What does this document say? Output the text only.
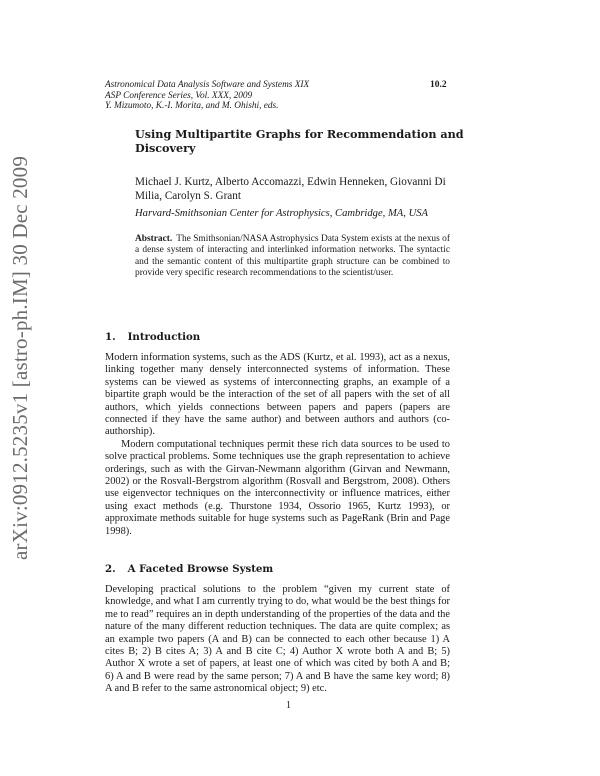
arXiv:0912.5235v1 [astro-ph.IM] 30 Dec 2009
Astronomical Data Analysis Software and Systems XIX
ASP Conference Series, Vol. XXX, 2009
Y. Mizumoto, K.-I. Morita, and M. Ohishi, eds.
10.2
Using Multipartite Graphs for Recommendation and Discovery
Michael J. Kurtz, Alberto Accomazzi, Edwin Henneken, Giovanni Di Milia, Carolyn S. Grant
Harvard-Smithsonian Center for Astrophysics, Cambridge, MA, USA
Abstract. The Smithsonian/NASA Astrophysics Data System exists at the nexus of a dense system of interacting and interlinked information networks. The syntactic and the semantic content of this multipartite graph structure can be combined to provide very specific research recommendations to the scientist/user.
1. Introduction

Modern information systems, such as the ADS (Kurtz, et al. 1993), act as a nexus, linking together many densely interconnected systems of information. These systems can be viewed as systems of interconnecting graphs, an example of a bipartite graph would be the interaction of the set of all papers with the set of all authors, which yields connections between papers and papers (papers are connected if they have the same author) and between authors and authors (co-authorship).

Modern computational techniques permit these rich data sources to be used to solve practical problems. Some techniques use the graph representation to achieve orderings, such as with the Girvan-Newmann algorithm (Girvan and Newmann, 2002) or the Rosvall-Bergstrom algorithm (Rosvall and Bergstrom, 2008). Others use eigenvector techniques on the interconnectivity or influence matrices, either using exact methods (e.g. Thurstone 1934, Ossorio 1965, Kurtz 1993), or approximate methods suitable for huge systems such as PageRank (Brin and Page 1998).

2. A Faceted Browse System

Developing practical solutions to the problem “given my current state of knowledge, and what I am currently trying to do, what would be the best things for me to read” requires an in depth understanding of the properties of the data and the nature of the many different reduction techniques. The data are quite complex; as an example two papers (A and B) can be connected to each other because 1) A cites B; 2) B cites A; 3) A and B cite C; 4) Author X wrote both A and B; 5) Author X wrote a set of papers, at least one of which was cited by both A and B; 6) A and B were read by the same person; 7) A and B have the same key word; 8) A and B refer to the same astronomical object; 9) etc.

1
